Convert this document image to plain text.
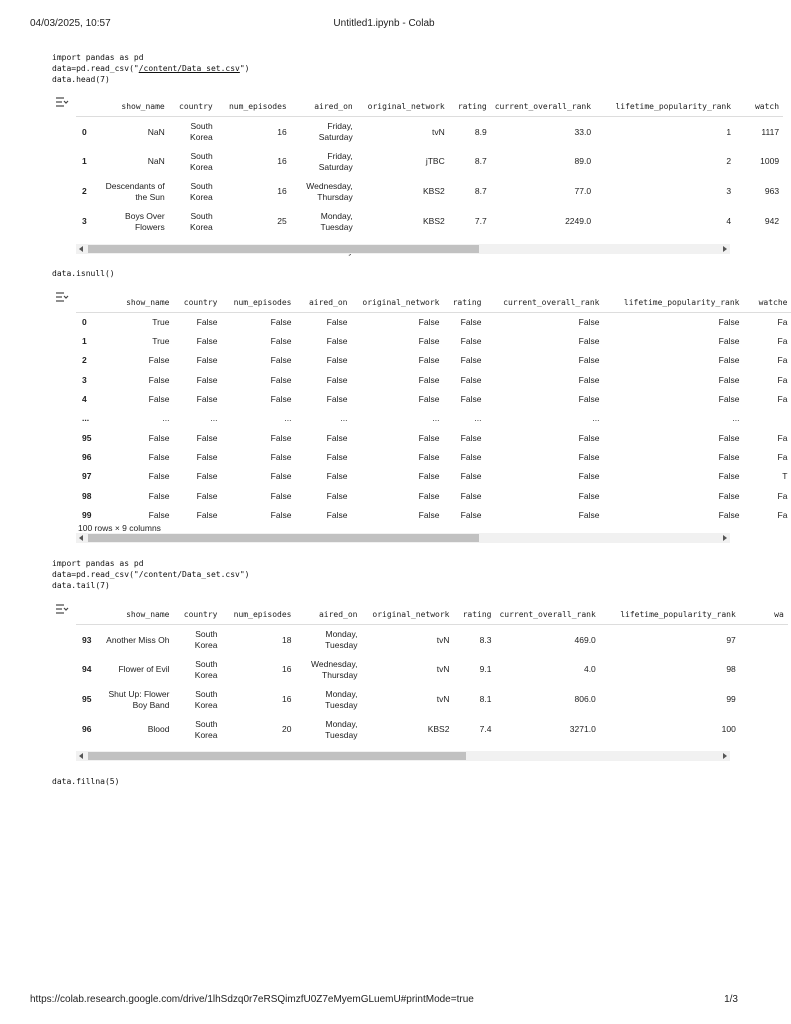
04/03/2025, 10:57	Untitled1.ipynb - Colab
import pandas as pd
data=pd.read_csv("/content/Data_set.csv")
data.head(7)
	show_name	country	num_episodes	aired_on	original_network	rating	current_overall_rank	lifetime_popularity_rank	watch
0	NaN	South Korea	16	Friday, Saturday	tvN	8.9	33.0	1	1117
1	NaN	South Korea	16	Friday, Saturday	jTBC	8.7	89.0	2	1009
2	Descendants of the Sun	South Korea	16	Wednesday, Thursday	KBS2	8.7	77.0	3	963
3	Boys Over Flowers	South Korea	25	Monday, Tuesday	KBS2	7.7	2249.0	4	942

data.isnull()
	show_name	country	num_episodes	aired_on	original_network	rating	current_overall_rank	lifetime_popularity_rank	watche
0	True	False	False	False	False	False	False	False	Fa
1	True	False	False	False	False	False	False	False	Fa
2	False	False	False	False	False	False	False	False	Fa
3	False	False	False	False	False	False	False	False	Fa
4	False	False	False	False	False	False	False	False	Fa
...	...	...	...	...	...	...	...	...	
95	False	False	False	False	False	False	False	False	Fa
96	False	False	False	False	False	False	False	False	Fa
97	False	False	False	False	False	False	False	False	T
98	False	False	False	False	False	False	False	False	Fa
99	False	False	False	False	False	False	False	False	Fa
100 rows × 9 columns
import pandas as pd
data=pd.read_csv("/content/Data_set.csv")
data.tail(7)
	show_name	country	num_episodes	aired_on	original_network	rating	current_overall_rank	lifetime_popularity_rank	wa
93	Another Miss Oh	South Korea	18	Monday, Tuesday	tvN	8.3	469.0	97	
94	Flower of Evil	South Korea	16	Wednesday, Thursday	tvN	9.1	4.0	98	
95	Shut Up: Flower Boy Band	South Korea	16	Monday, Tuesday	tvN	8.1	806.0	99	
96	Blood	South Korea	20	Monday, Tuesday	KBS2	7.4	3271.0	100	
data.fillna(5)
https://colab.research.google.com/drive/1lhSdzq0r7eRSQimzfU0Z7eMyemGLuemU#printMode=true	1/3
